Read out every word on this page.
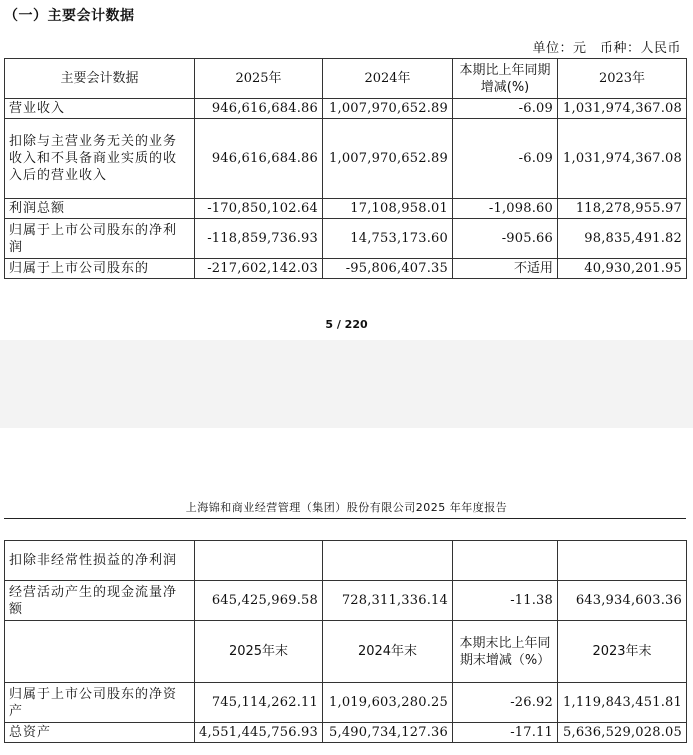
（一）主要会计数据
单位：元　币种：人民币
主要会计数据	2025年	2024年	本期比上年同期增减(%)	2023年
营业收入	946,616,684.86	1,007,970,652.89	-6.09	1,031,974,367.08
扣除与主营业务无关的业务收入和不具备商业实质的收入后的营业收入	946,616,684.86	1,007,970,652.89	-6.09	1,031,974,367.08
利润总额	-170,850,102.64	17,108,958.01	-1,098.60	118,278,955.97
归属于上市公司股东的净利润	-118,859,736.93	14,753,173.60	-905.66	98,835,491.82
归属于上市公司股东的	-217,602,142.03	-95,806,407.35	不适用	40,930,201.95
5 / 220
上海锦和商业经营管理（集团）股份有限公司2025 年年度报告
扣除非经常性损益的净利润				
经营活动产生的现金流量净额	645,425,969.58	728,311,336.14	-11.38	643,934,603.36
	2025年末	2024年末	本期末比上年同期末增减（%）	2023年末
归属于上市公司股东的净资产	745,114,262.11	1,019,603,280.25	-26.92	1,119,843,451.81
总资产	4,551,445,756.93	5,490,734,127.36	-17.11	5,636,529,028.05
